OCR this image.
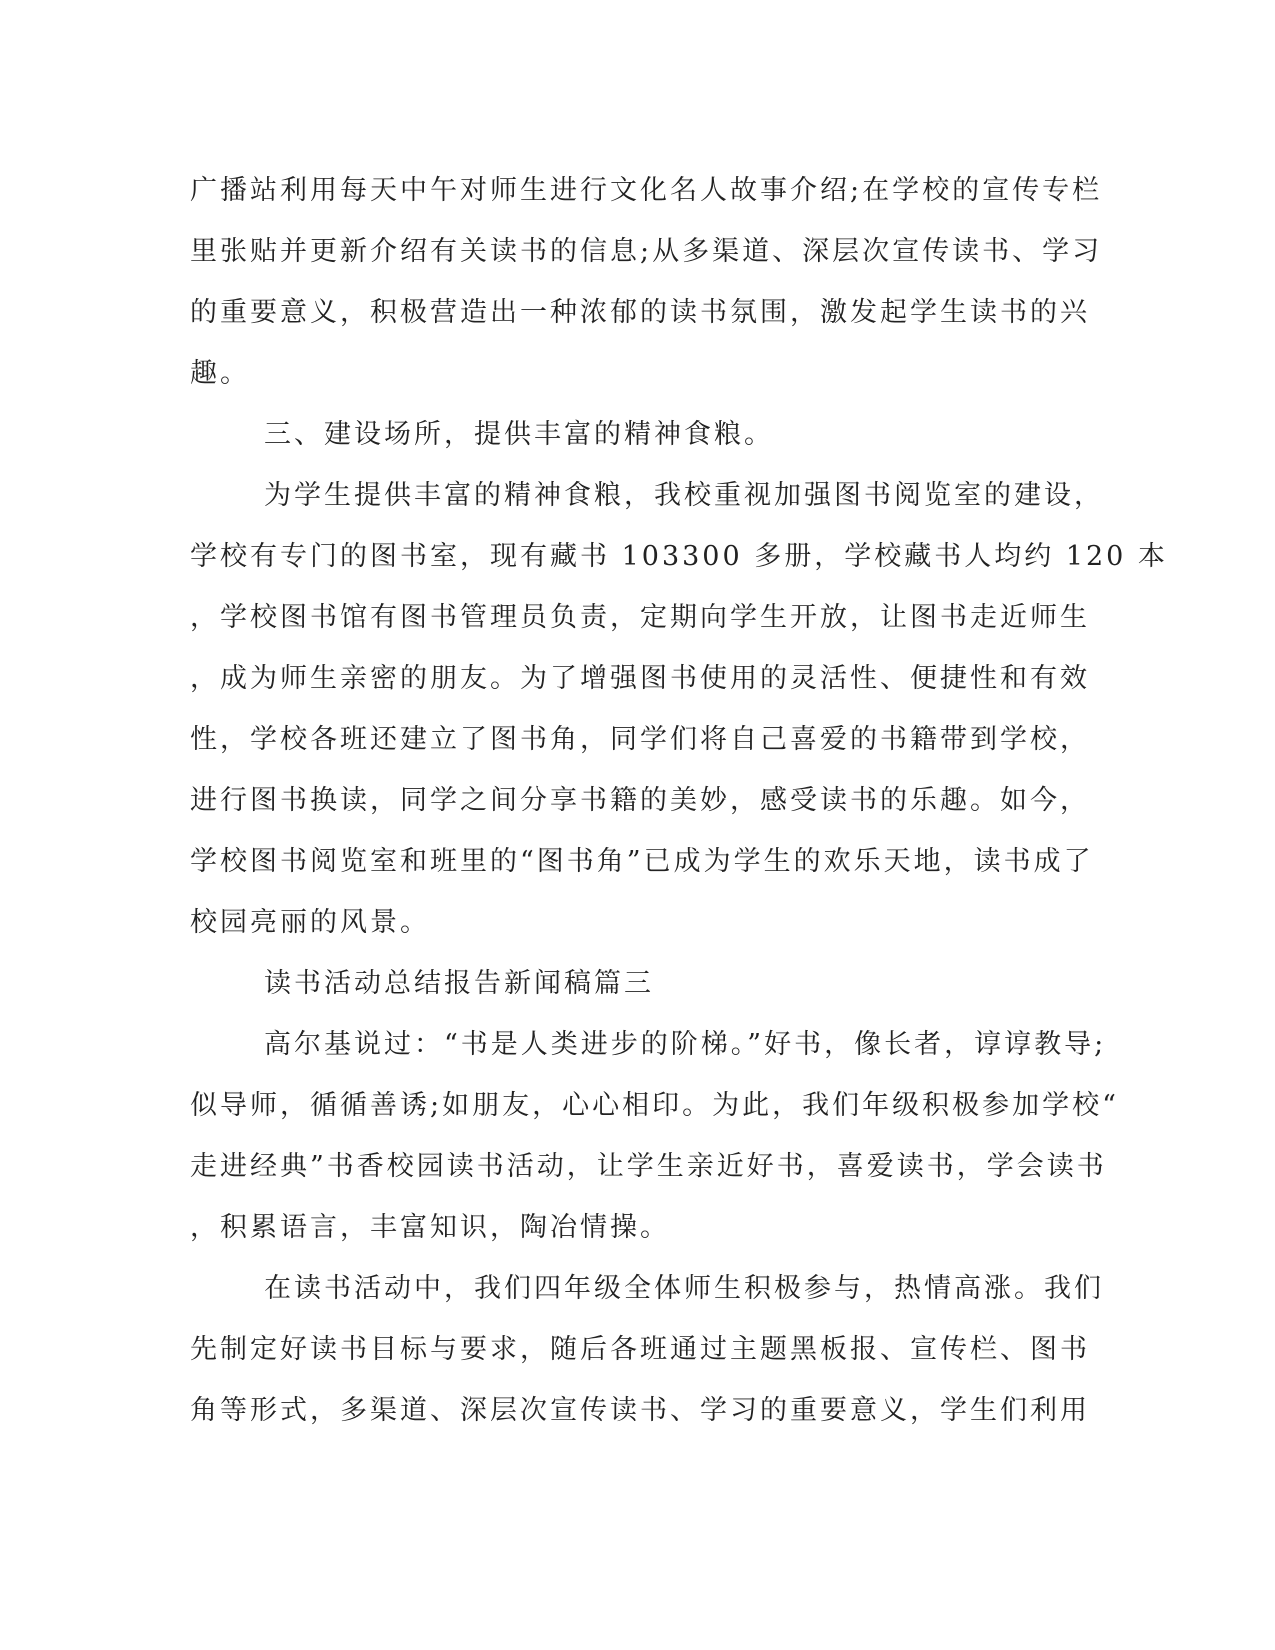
广播站利用每天中午对师生进行文化名人故事介绍;在学校的宣传专栏
里张贴并更新介绍有关读书的信息;从多渠道、深层次宣传读书、学习
的重要意义，积极营造出一种浓郁的读书氛围，激发起学生读书的兴
趣。
三、建设场所，提供丰富的精神食粮。
为学生提供丰富的精神食粮，我校重视加强图书阅览室的建设，
学校有专门的图书室，现有藏书 103300 多册，学校藏书人均约 120 本
，学校图书馆有图书管理员负责，定期向学生开放，让图书走近师生
，成为师生亲密的朋友。为了增强图书使用的灵活性、便捷性和有效
性，学校各班还建立了图书角，同学们将自己喜爱的书籍带到学校，
进行图书换读，同学之间分享书籍的美妙，感受读书的乐趣。如今，
学校图书阅览室和班里的“图书角”已成为学生的欢乐天地，读书成了
校园亮丽的风景。
读书活动总结报告新闻稿篇三
高尔基说过：“书是人类进步的阶梯。”好书，像长者，谆谆教导;
似导师，循循善诱;如朋友，心心相印。为此，我们年级积极参加学校“
走进经典”书香校园读书活动，让学生亲近好书，喜爱读书，学会读书
，积累语言，丰富知识，陶冶情操。
在读书活动中，我们四年级全体师生积极参与，热情高涨。我们
先制定好读书目标与要求，随后各班通过主题黑板报、宣传栏、图书
角等形式，多渠道、深层次宣传读书、学习的重要意义，学生们利用
